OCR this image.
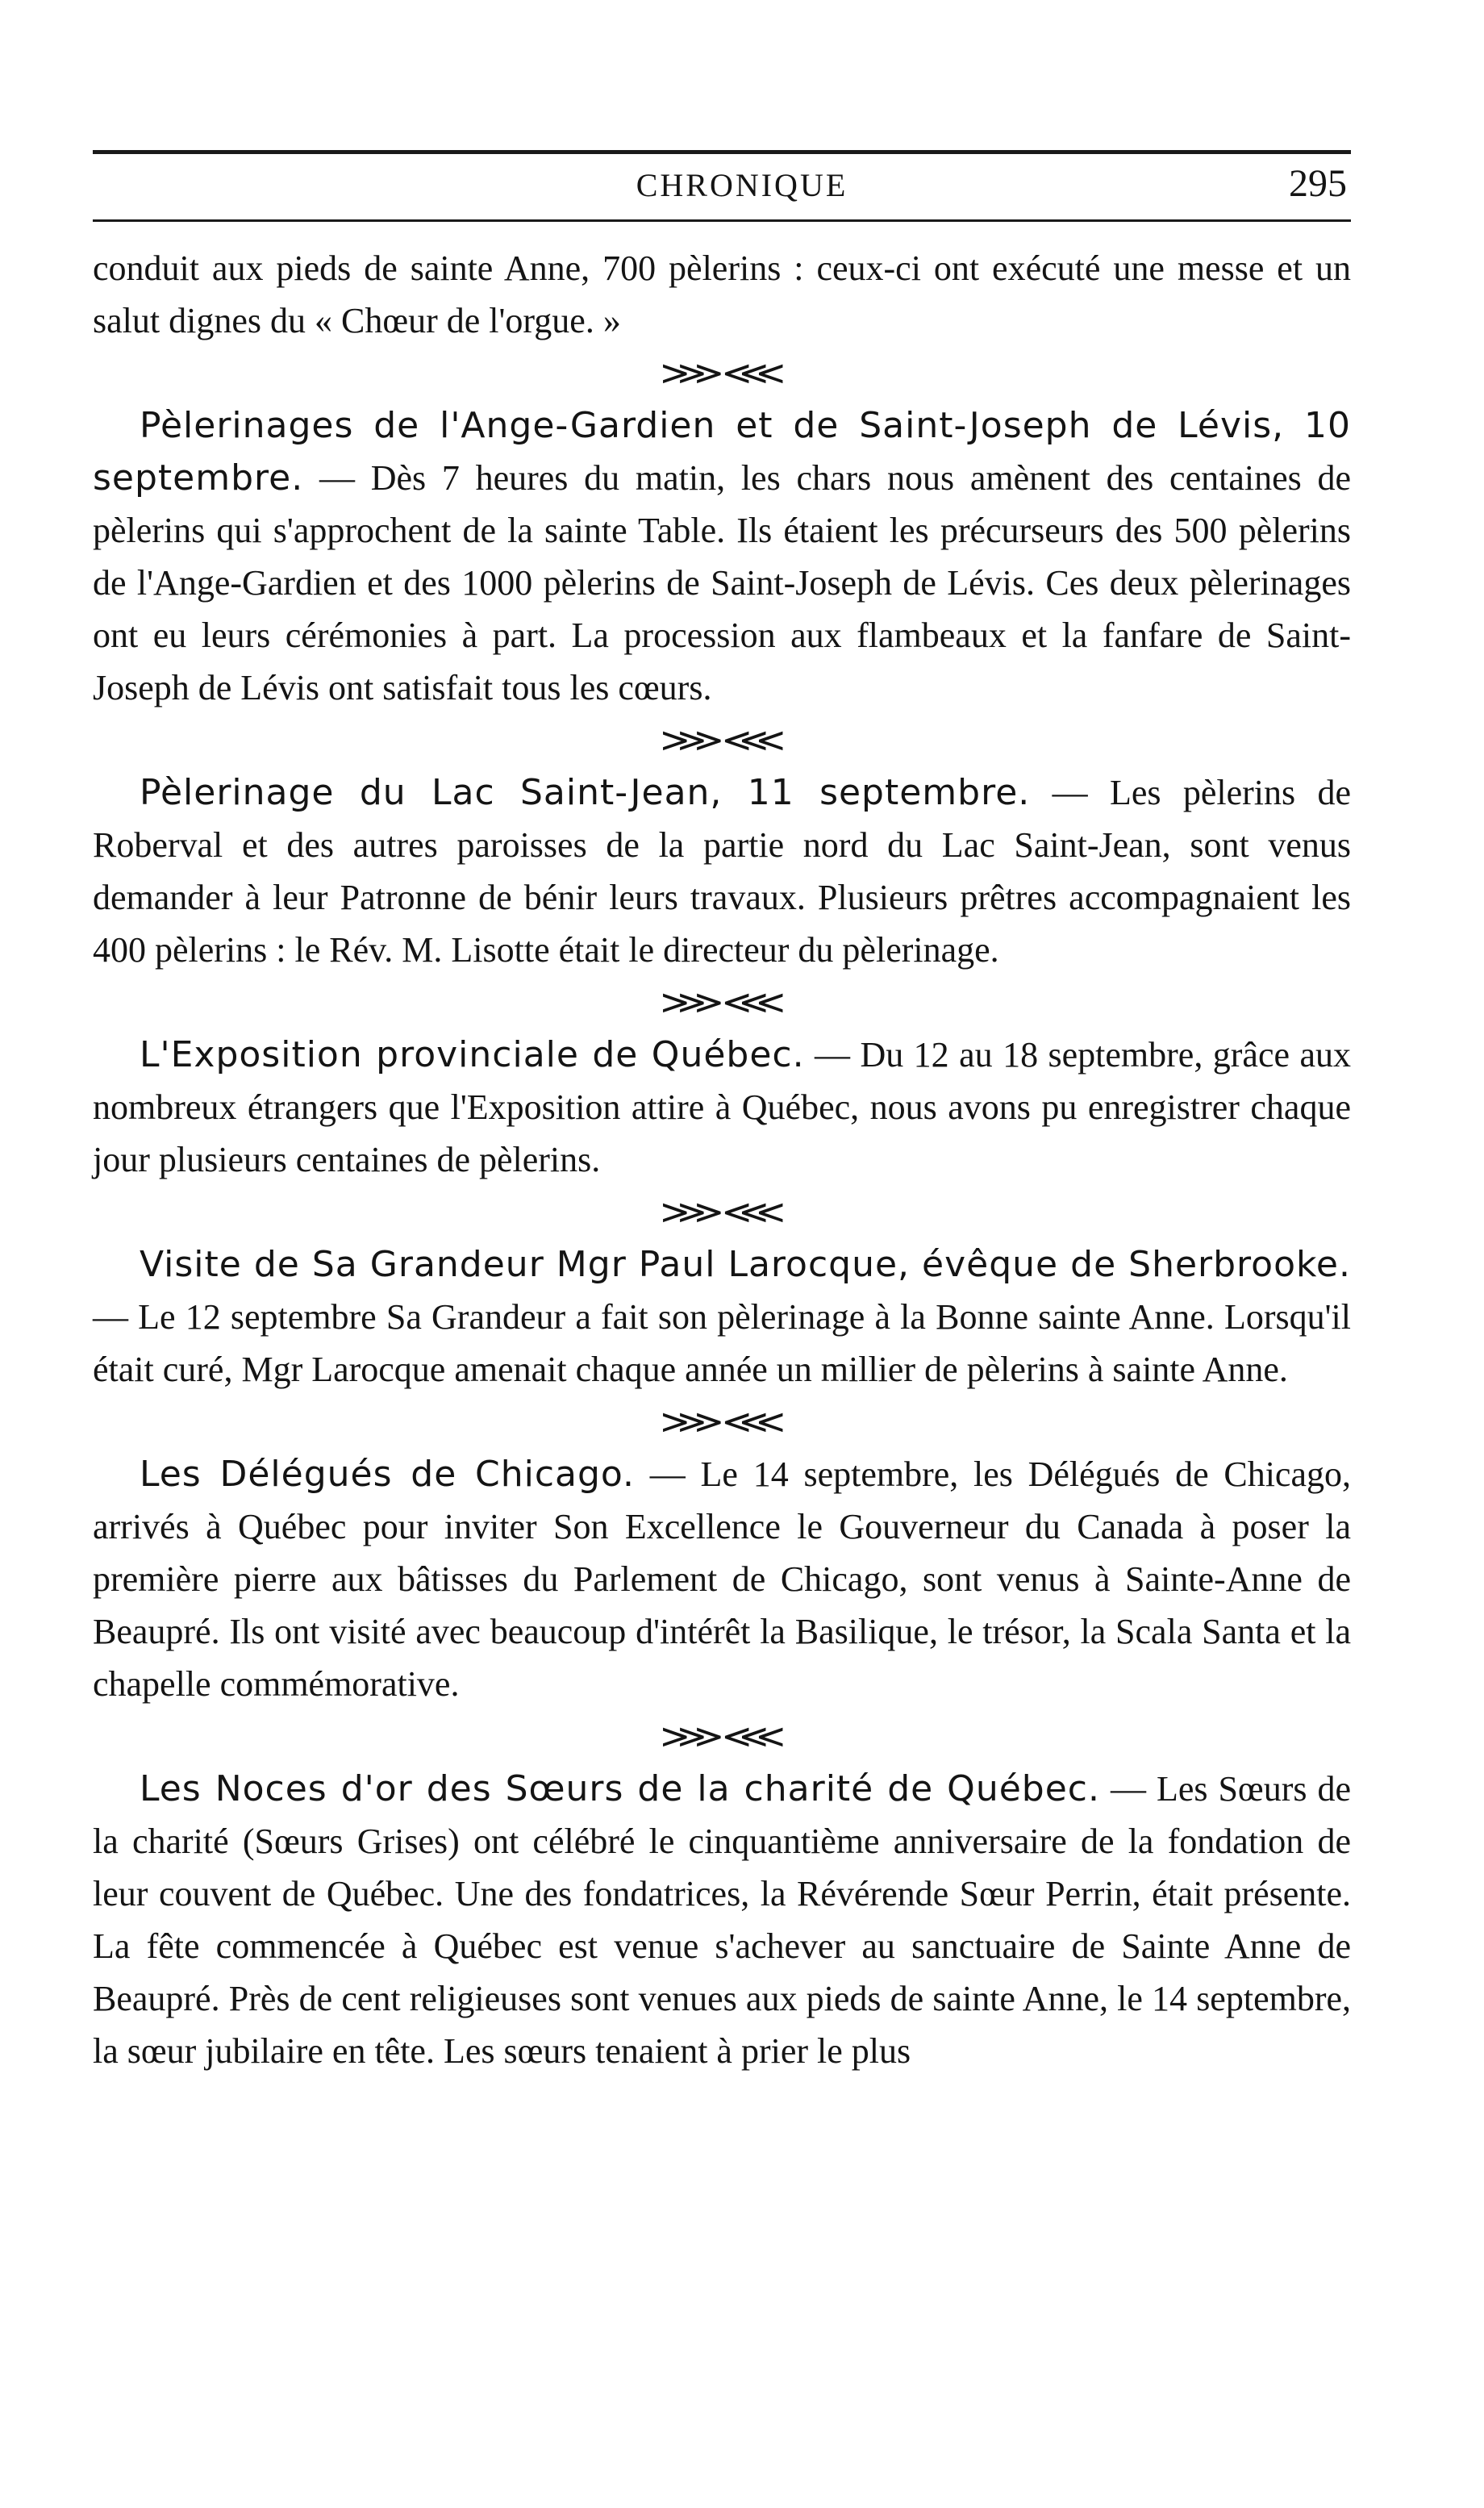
CHRONIQUE	295

conduit aux pieds de sainte Anne, 700 pèlerins : ceux-ci ont exécuté une messe et un salut dignes du « Chœur de l'orgue. »

⋙⋘

Pèlerinages de l'Ange-Gardien et de Saint-Joseph de Lévis, 10 septembre. — Dès 7 heures du matin, les chars nous amènent des centaines de pèlerins qui s'approchent de la sainte Table. Ils étaient les précurseurs des 500 pèlerins de l'Ange-Gardien et des 1000 pèlerins de Saint-Joseph de Lévis. Ces deux pèlerinages ont eu leurs cérémonies à part. La procession aux flambeaux et la fanfare de Saint-Joseph de Lévis ont satisfait tous les cœurs.

⋙⋘

Pèlerinage du Lac Saint-Jean, 11 septembre. — Les pèlerins de Roberval et des autres paroisses de la partie nord du Lac Saint-Jean, sont venus demander à leur Patronne de bénir leurs travaux. Plusieurs prêtres accompagnaient les 400 pèlerins : le Rév. M. Lisotte était le directeur du pèlerinage.

⋙⋘

L'Exposition provinciale de Québec. — Du 12 au 18 septembre, grâce aux nombreux étrangers que l'Exposition attire à Québec, nous avons pu enregistrer chaque jour plusieurs centaines de pèlerins.

⋙⋘

Visite de Sa Grandeur Mgr Paul Larocque, évêque de Sherbrooke. — Le 12 septembre Sa Grandeur a fait son pèlerinage à la Bonne sainte Anne. Lorsqu'il était curé, Mgr Larocque amenait chaque année un millier de pèlerins à sainte Anne.

⋙⋘

Les Délégués de Chicago. — Le 14 septembre, les Délégués de Chicago, arrivés à Québec pour inviter Son Excellence le Gouverneur du Canada à poser la première pierre aux bâtisses du Parlement de Chicago, sont venus à Sainte-Anne de Beaupré. Ils ont visité avec beaucoup d'intérêt la Basilique, le trésor, la Scala Santa et la chapelle commémorative.

⋙⋘

Les Noces d'or des Sœurs de la charité de Québec. — Les Sœurs de la charité (Sœurs Grises) ont célébré le cinquantième anniversaire de la fondation de leur couvent de Québec. Une des fondatrices, la Révérende Sœur Perrin, était présente. La fête commencée à Québec est venue s'achever au sanctuaire de Sainte Anne de Beaupré. Près de cent religieuses sont venues aux pieds de sainte Anne, le 14 septembre, la sœur jubilaire en tête. Les sœurs tenaient à prier le plus
